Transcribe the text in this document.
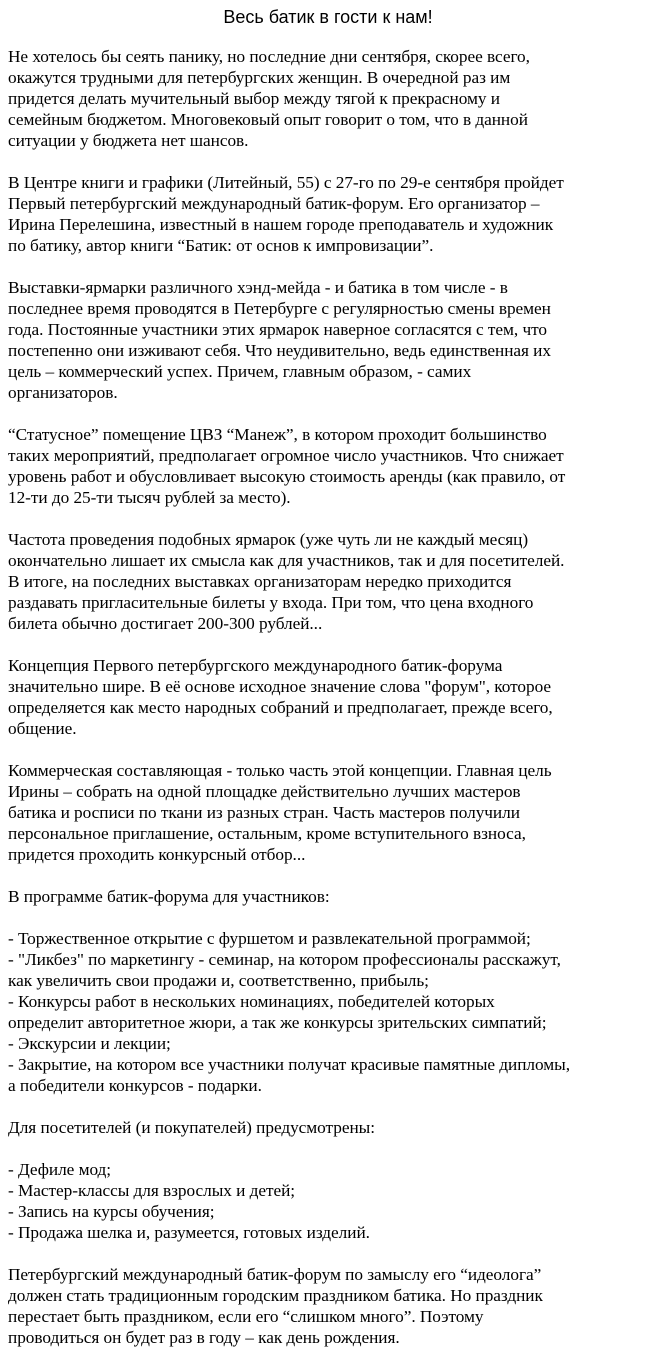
Весь батик в гости к нам!
Не хотелось бы сеять панику, но последние дни сентября, скорее всего,
окажутся трудными для петербургских женщин. В очередной раз им
придется делать мучительный выбор между тягой к прекрасному и
семейным бюджетом. Многовековый опыт говорит о том, что в данной
ситуации у бюджета нет шансов.
В Центре книги и графики (Литейный, 55) с 27-го по 29-е сентября пройдет
Первый петербургский международный батик-форум. Его организатор –
Ирина Перелешина, известный в нашем городе преподаватель и художник
по батику, автор книги “Батик: от основ к импровизации”.
Выставки-ярмарки различного хэнд-мейда - и батика в том числе - в
последнее время проводятся в Петербурге с регулярностью смены времен
года. Постоянные участники этих ярмарок наверное согласятся с тем, что
постепенно они изживают себя. Что неудивительно, ведь единственная их
цель – коммерческий успех. Причем, главным образом, - самих
организаторов.
“Статусное” помещение ЦВЗ “Манеж”, в котором проходит большинство
таких мероприятий, предполагает огромное число участников. Что снижает
уровень работ и обусловливает высокую стоимость аренды (как правило, от
12-ти до 25-ти тысяч рублей за место).
Частота проведения подобных ярмарок (уже чуть ли не каждый месяц)
окончательно лишает их смысла как для участников, так и для посетителей.
В итоге, на последних выставках организаторам нередко приходится
раздавать пригласительные билеты у входа. При том, что цена входного
билета обычно достигает 200-300 рублей...
Концепция Первого петербургского международного батик-форума
значительно шире. В её основе исходное значение слова "форум", которое
определяется как место народных собраний и предполагает, прежде всего,
общение.
Коммерческая составляющая - только часть этой концепции. Главная цель
Ирины – собрать на одной площадке действительно лучших мастеров
батика и росписи по ткани из разных стран. Часть мастеров получили
персональное приглашение, остальным, кроме вступительного взноса,
придется проходить конкурсный отбор...
В программе батик-форума для участников:
- Торжественное открытие с фуршетом и развлекательной программой;
- "Ликбез" по маркетингу - семинар, на котором профессионалы расскажут,
как увеличить свои продажи и, соответственно, прибыль;
- Конкурсы работ в нескольких номинациях, победителей которых
определит авторитетное жюри, а так же конкурсы зрительских симпатий;
- Экскурсии и лекции;
- Закрытие, на котором все участники получат красивые памятные дипломы,
а победители конкурсов - подарки.
Для посетителей (и покупателей) предусмотрены:
- Дефиле мод;
- Мастер-классы для взрослых и детей;
- Запись на курсы обучения;
- Продажа шелка и, разумеется, готовых изделий.
Петербургский международный батик-форум по замыслу его “идеолога”
должен стать традиционным городским праздником батика. Но праздник
перестает быть праздником, если его “слишком много”. Поэтому
проводиться он будет раз в году – как день рождения.
